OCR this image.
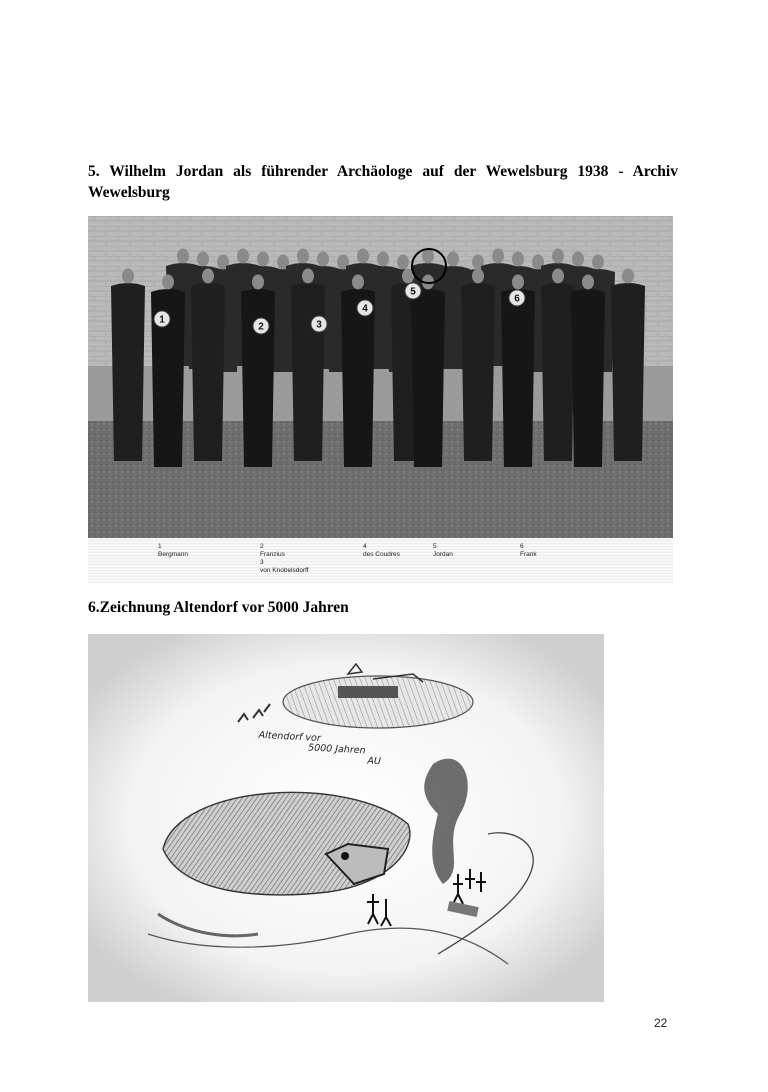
5. Wilhelm Jordan als führender Archäologe auf der Wewelsburg 1938 - Archiv Wewelsburg
1
2	3
4
5
6
1
Bergmann
2
Franzius
3
von Knobelsdorff
4
des Coudres
5
Jordan
6
Frank
6.Zeichnung Altendorf vor 5000 Jahren
Altendorf vor
5000 Jahren
AU
22
